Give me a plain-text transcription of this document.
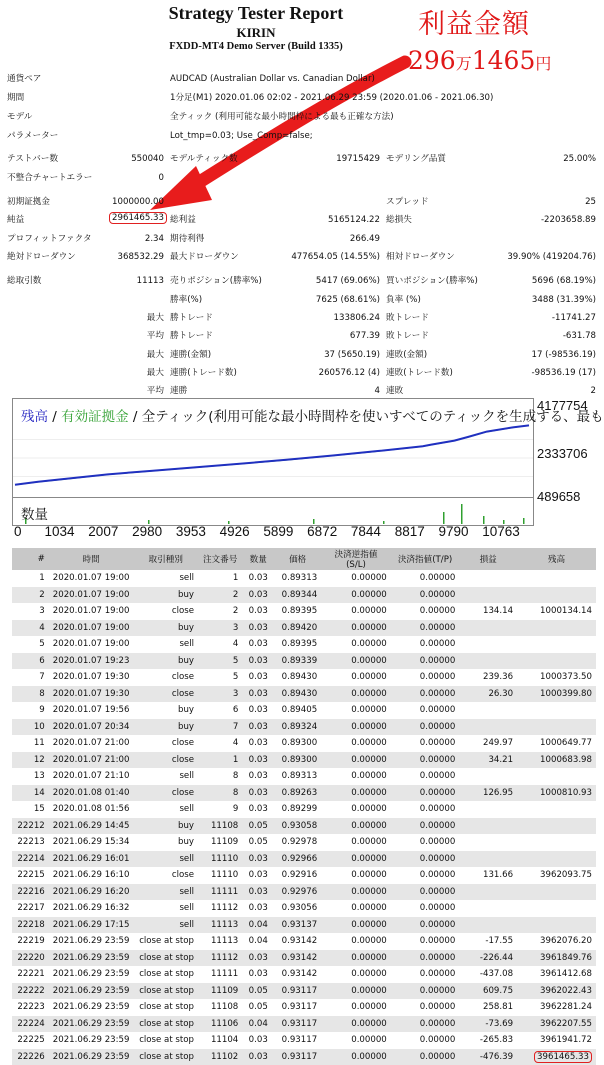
Strategy Tester Report
KIRIN
FXDD-MT4 Demo Server (Build 1335)
利益金額
296万1465円
通貨ペア	AUDCAD (Australian Dollar vs. Canadian Dollar)
期間	1分足(M1) 2020.01.06 02:02 - 2021.06.29 23:59 (2020.01.06 - 2021.06.30)
モデル	全ティック (利用可能な最小時間枠による最も正確な方法)
パラメーター	Lot_tmp=0.03; Use_Comp=false;
テストバー数	550040 モデルティック数	19715429 モデリング品質	25.00%
不整合チャートエラー	0
初期証拠金	1000000.00	スプレッド	25
純益	2961465.33 総利益	5165124.22 総損失	-2203658.89
プロフィットファクタ	2.34 期待利得	266.49
絶対ドローダウン	368532.29 最大ドローダウン	477654.05 (14.55%) 相対ドローダウン	39.90% (419204.76)
総取引数	11113 売りポジション(勝率%)	5417 (69.06%) 買いポジション(勝率%)	5696 (68.19%)
勝率(%)	7625 (68.61%) 負率 (%)	3488 (31.39%)
最大 勝トレード	133806.24 敗トレード	-11741.27
平均 勝トレード	677.39 敗トレード	-631.78
最大 連勝(金額)	37 (5650.19) 連敗(金額)	17 (-98536.19)
最大 連勝(トレード数)	260576.12 (4) 連敗(トレード数)	-98536.19 (17)
平均 連勝	4 連敗	2
残高 / 有効証拠金 / 全ティック(利用可能な最小時間枠を使いすべてのティックを生成する、最も
数量
4177754
2333706
489658
0 1034 2007 2980 3953 4926 5899 6872 7844 8817 9790 10763
#	時間	取引種別	注文番号	数量	価格	決済逆指値(S/L)	決済指値(T/P)	損益	残高
1	2020.01.07 19:00	sell	1	0.03	0.89313	0.00000	0.00000		
2	2020.01.07 19:00	buy	2	0.03	0.89344	0.00000	0.00000		
3	2020.01.07 19:00	close	2	0.03	0.89395	0.00000	0.00000	134.14	1000134.14
4	2020.01.07 19:00	buy	3	0.03	0.89420	0.00000	0.00000		
5	2020.01.07 19:00	sell	4	0.03	0.89395	0.00000	0.00000		
6	2020.01.07 19:23	buy	5	0.03	0.89339	0.00000	0.00000		
7	2020.01.07 19:30	close	5	0.03	0.89430	0.00000	0.00000	239.36	1000373.50
8	2020.01.07 19:30	close	3	0.03	0.89430	0.00000	0.00000	26.30	1000399.80
9	2020.01.07 19:56	buy	6	0.03	0.89405	0.00000	0.00000		
10	2020.01.07 20:34	buy	7	0.03	0.89324	0.00000	0.00000		
11	2020.01.07 21:00	close	4	0.03	0.89300	0.00000	0.00000	249.97	1000649.77
12	2020.01.07 21:00	close	1	0.03	0.89300	0.00000	0.00000	34.21	1000683.98
13	2020.01.07 21:10	sell	8	0.03	0.89313	0.00000	0.00000		
14	2020.01.08 01:40	close	8	0.03	0.89263	0.00000	0.00000	126.95	1000810.93
15	2020.01.08 01:56	sell	9	0.03	0.89299	0.00000	0.00000		
22212	2021.06.29 14:45	buy	11108	0.05	0.93058	0.00000	0.00000		
22213	2021.06.29 15:34	buy	11109	0.05	0.92978	0.00000	0.00000		
22214	2021.06.29 16:01	sell	11110	0.03	0.92966	0.00000	0.00000		
22215	2021.06.29 16:10	close	11110	0.03	0.92916	0.00000	0.00000	131.66	3962093.75
22216	2021.06.29 16:20	sell	11111	0.03	0.92976	0.00000	0.00000		
22217	2021.06.29 16:32	sell	11112	0.03	0.93056	0.00000	0.00000		
22218	2021.06.29 17:15	sell	11113	0.04	0.93137	0.00000	0.00000		
22219	2021.06.29 23:59	close at stop	11113	0.04	0.93142	0.00000	0.00000	-17.55	3962076.20
22220	2021.06.29 23:59	close at stop	11112	0.03	0.93142	0.00000	0.00000	-226.44	3961849.76
22221	2021.06.29 23:59	close at stop	11111	0.03	0.93142	0.00000	0.00000	-437.08	3961412.68
22222	2021.06.29 23:59	close at stop	11109	0.05	0.93117	0.00000	0.00000	609.75	3962022.43
22223	2021.06.29 23:59	close at stop	11108	0.05	0.93117	0.00000	0.00000	258.81	3962281.24
22224	2021.06.29 23:59	close at stop	11106	0.04	0.93117	0.00000	0.00000	-73.69	3962207.55
22225	2021.06.29 23:59	close at stop	11104	0.03	0.93117	0.00000	0.00000	-265.83	3961941.72
22226	2021.06.29 23:59	close at stop	11102	0.03	0.93117	0.00000	0.00000	-476.39	3961465.33
